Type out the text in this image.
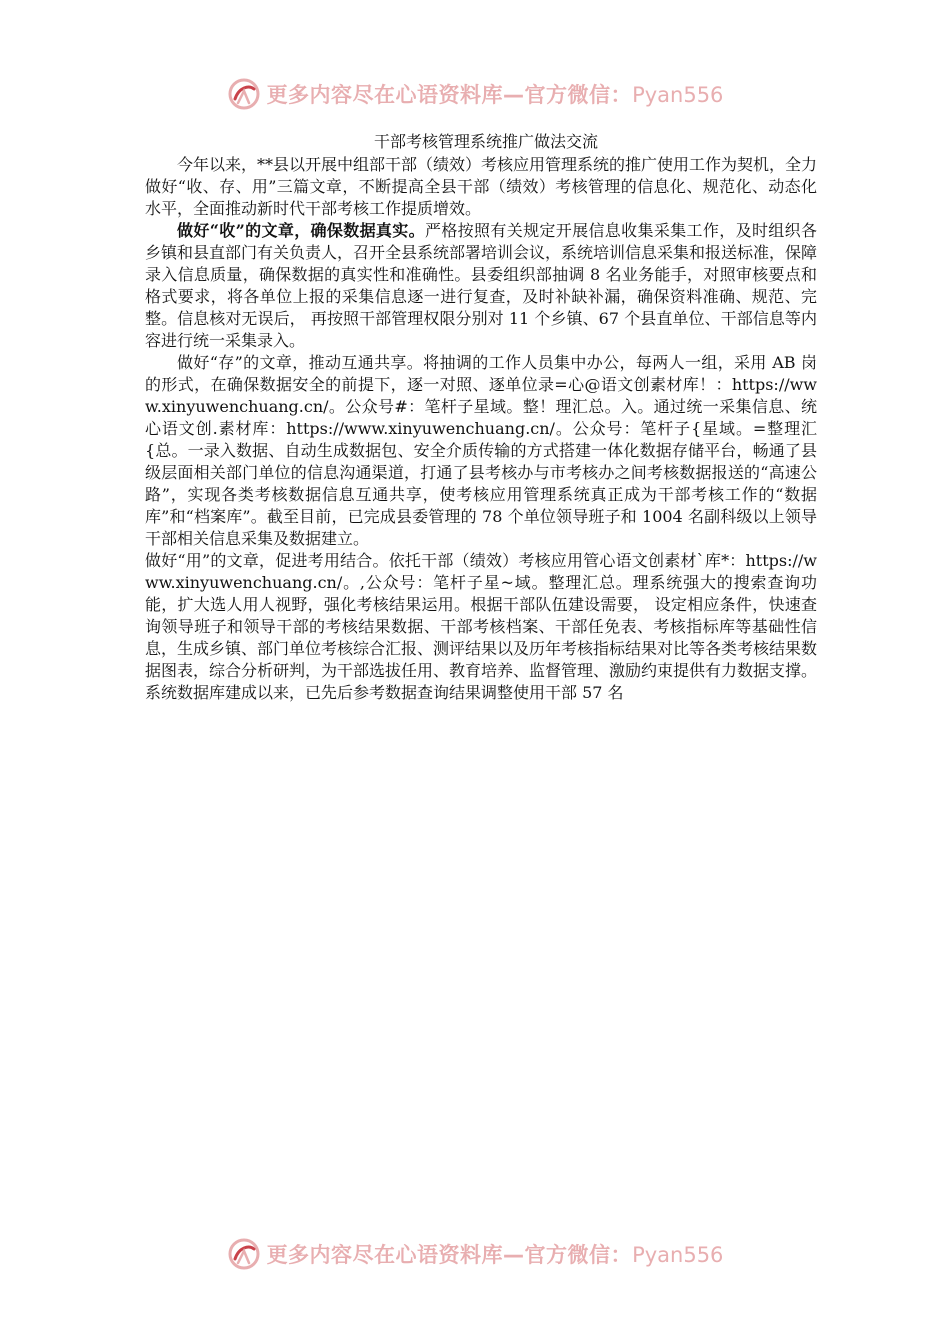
更多内容尽在心语资料库—官方微信：Pyan556

干部考核管理系统推广做法交流

今年以来，**县以开展中组部干部（绩效）考核应用管理系统的推广使用工作为契机，全力做好“收、存、用”三篇文章，不断提高全县干部（绩效）考核管理的信息化、规范化、动态化水平，全面推动新时代干部考核工作提质增效。

做好“收”的文章，确保数据真实。严格按照有关规定开展信息收集采集工作，及时组织各乡镇和县直部门有关负责人，召开全县系统部署培训会议，系统培训信息采集和报送标准，保障录入信息质量，确保数据的真实性和准确性。县委组织部抽调 8 名业务能手，对照审核要点和格式要求，将各单位上报的采集信息逐一进行复查，及时补缺补漏，确保资料准确、规范、完整。信息核对无误后， 再按照干部管理权限分别对 11 个乡镇、67 个县直单位、干部信息等内容进行统一采集录入。

做好“存”的文章，推动互通共享。将抽调的工作人员集中办公，每两人一组，采用 AB 岗的形式，在确保数据安全的前提下，逐一对照、逐单位录=心@语文创素材库！：https://www.xinyuwenchuang.cn/。公众号#：笔杆子星域。整！理汇总。入。通过统一采集信息、统心语文创.素材库：https://www.xinyuwenchuang.cn/。公众号：笔杆子{星域。=整理汇{总。一录入数据、自动生成数据包、安全介质传输的方式搭建一体化数据存储平台，畅通了县级层面相关部门单位的信息沟通渠道，打通了县考核办与市考核办之间考核数据报送的“高速公路”，实现各类考核数据信息互通共享，使考核应用管理系统真正成为干部考核工作的“数据库”和“档案库”。截至目前，已完成县委管理的 78 个单位领导班子和 1004 名副科级以上领导干部相关信息采集及数据建立。

做好“用”的文章，促进考用结合。依托干部（绩效）考核应用管心语文创素材`库*：https://www.xinyuwenchuang.cn/。,公众号：笔杆子星~域。整理汇总。理系统强大的搜索查询功能，扩大选人用人视野，强化考核结果运用。根据干部队伍建设需要， 设定相应条件，快速查询领导班子和领导干部的考核结果数据、干部考核档案、干部任免表、考核指标库等基础性信息，生成乡镇、部门单位考核综合汇报、测评结果以及历年考核指标结果对比等各类考核结果数据图表，综合分析研判，为干部选拔任用、教育培养、监督管理、激励约束提供有力数据支撑。系统数据库建成以来，已先后参考数据查询结果调整使用干部 57 名

更多内容尽在心语资料库—官方微信：Pyan556
